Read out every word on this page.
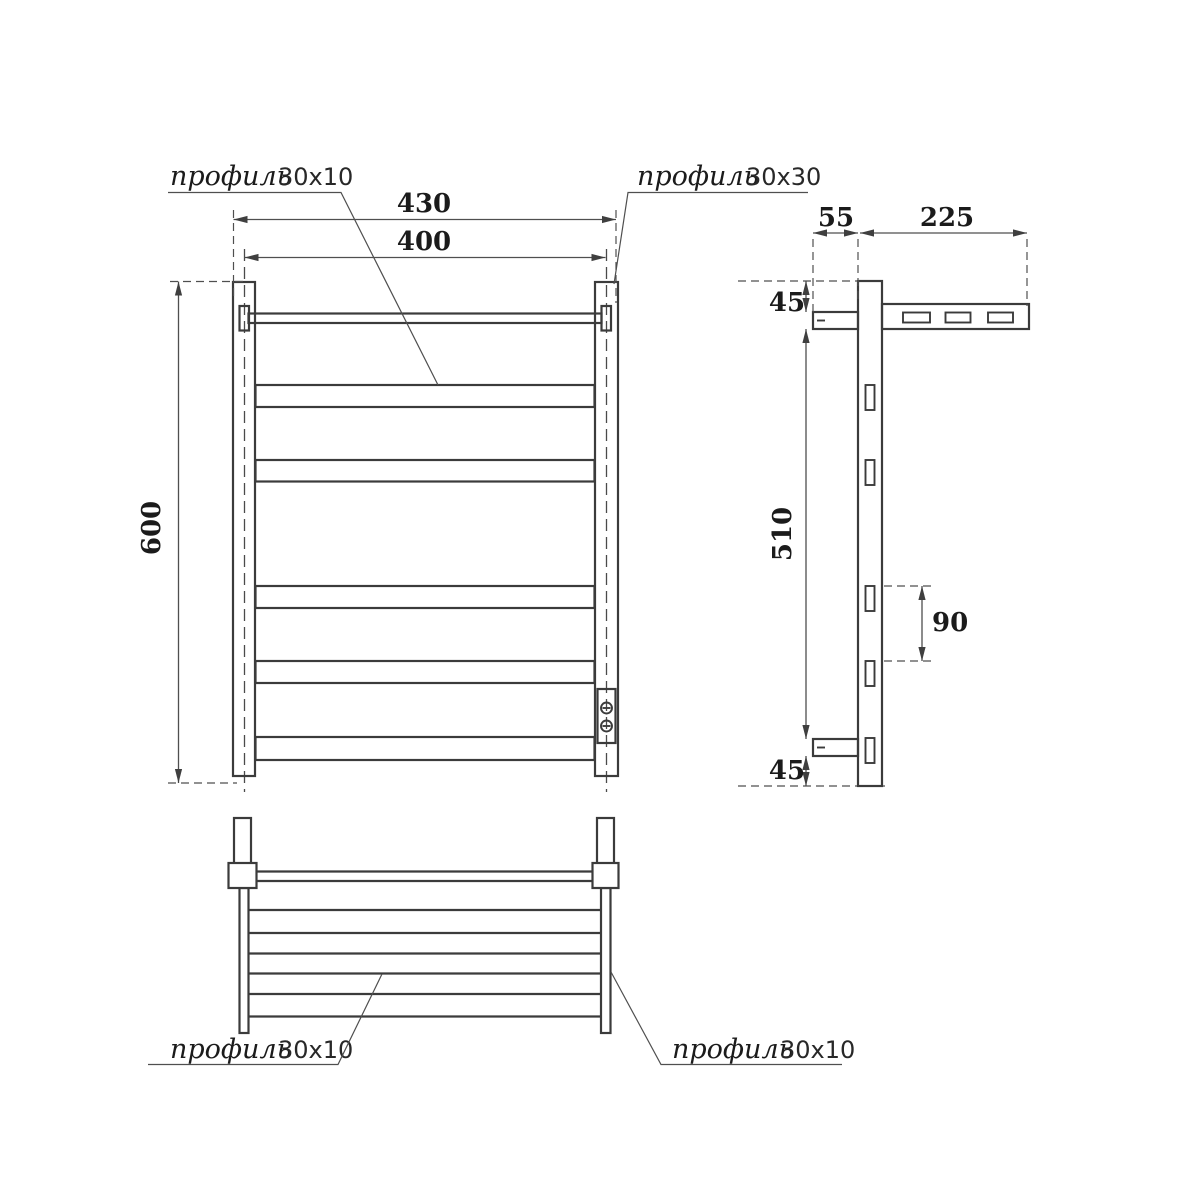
430
400
600
профиль30x10	профиль30x30
55	225
45
510
45
90
профиль30x10	профиль30x10
